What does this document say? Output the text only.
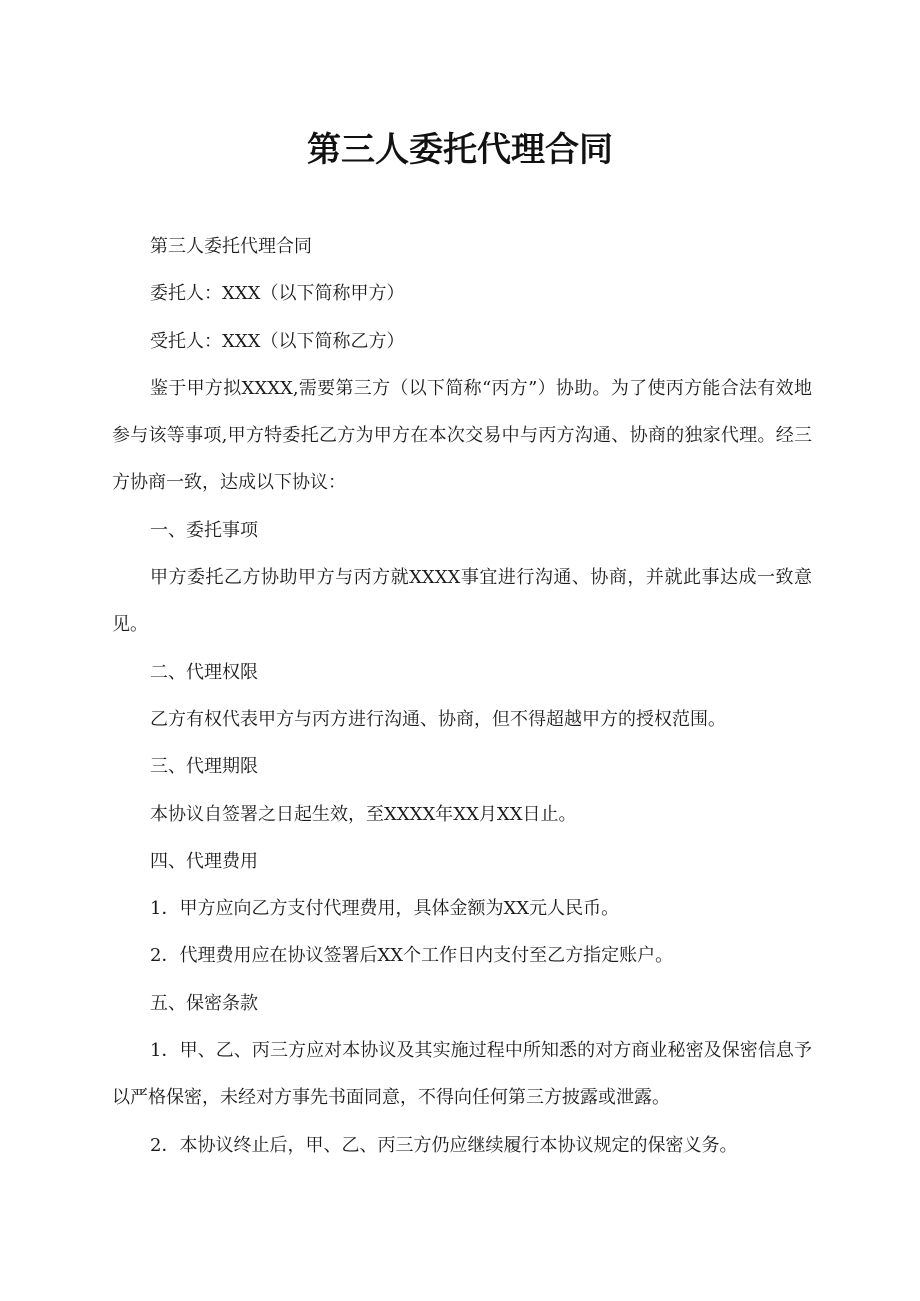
第三人委托代理合同

第三人委托代理合同

委托人：XXX（以下简称甲方）

受托人：XXX（以下简称乙方）

鉴于甲方拟XXXX,需要第三方（以下简称“丙方”）协助。为了使丙方能合法有效地参与该等事项,甲方特委托乙方为甲方在本次交易中与丙方沟通、协商的独家代理。经三方协商一致，达成以下协议：

一、委托事项

甲方委托乙方协助甲方与丙方就XXXX事宜进行沟通、协商，并就此事达成一致意见。

二、代理权限

乙方有权代表甲方与丙方进行沟通、协商，但不得超越甲方的授权范围。

三、代理期限

本协议自签署之日起生效，至XXXX年XX月XX日止。

四、代理费用

1．甲方应向乙方支付代理费用，具体金额为XX元人民币。

2．代理费用应在协议签署后XX个工作日内支付至乙方指定账户。

五、保密条款

1．甲、乙、丙三方应对本协议及其实施过程中所知悉的对方商业秘密及保密信息予以严格保密，未经对方事先书面同意，不得向任何第三方披露或泄露。

2．本协议终止后，甲、乙、丙三方仍应继续履行本协议规定的保密义务。
